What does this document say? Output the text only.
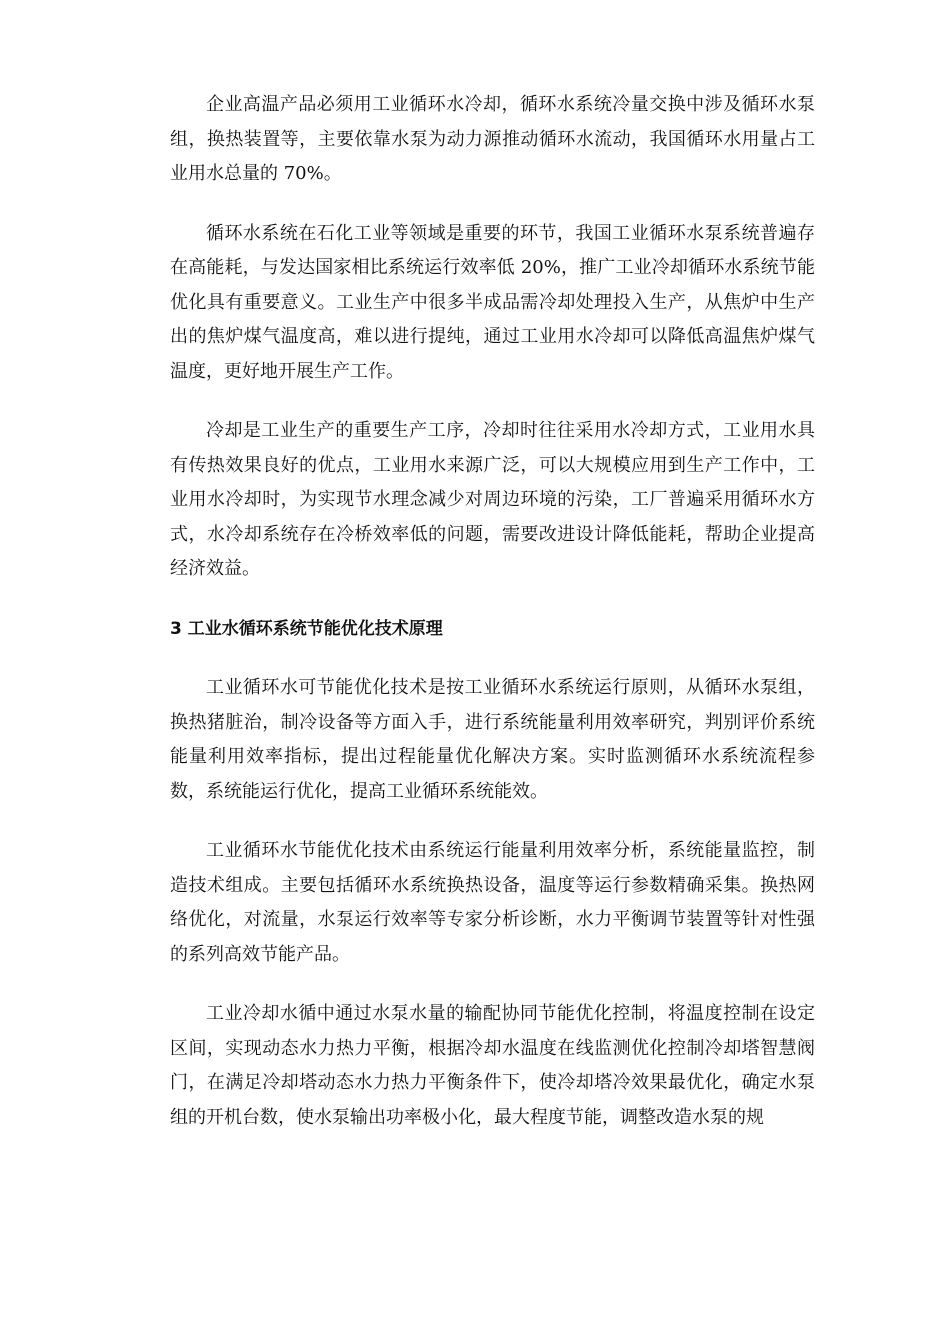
企业高温产品必须用工业循环水冷却，循环水系统冷量交换中涉及循环水泵组，换热装置等，主要依靠水泵为动力源推动循环水流动，我国循环水用量占工业用水总量的 70%。

循环水系统在石化工业等领域是重要的环节，我国工业循环水泵系统普遍存在高能耗，与发达国家相比系统运行效率低 20%，推广工业冷却循环水系统节能优化具有重要意义。工业生产中很多半成品需冷却处理投入生产，从焦炉中生产出的焦炉煤气温度高，难以进行提纯，通过工业用水冷却可以降低高温焦炉煤气温度，更好地开展生产工作。

冷却是工业生产的重要生产工序，冷却时往往采用水冷却方式，工业用水具有传热效果良好的优点，工业用水来源广泛，可以大规模应用到生产工作中，工业用水冷却时，为实现节水理念减少对周边环境的污染，工厂普遍采用循环水方式，水冷却系统存在冷桥效率低的问题，需要改进设计降低能耗，帮助企业提高经济效益。

3 工业水循环系统节能优化技术原理

工业循环水可节能优化技术是按工业循环水系统运行原则，从循环水泵组，换热猪脏治，制冷设备等方面入手，进行系统能量利用效率研究，判别评价系统能量利用效率指标，提出过程能量优化解决方案。实时监测循环水系统流程参数，系统能运行优化，提高工业循环系统能效。

工业循环水节能优化技术由系统运行能量利用效率分析，系统能量监控，制造技术组成。主要包括循环水系统换热设备，温度等运行参数精确采集。换热网络优化，对流量，水泵运行效率等专家分析诊断，水力平衡调节装置等针对性强的系列高效节能产品。

工业冷却水循中通过水泵水量的输配协同节能优化控制，将温度控制在设定区间，实现动态水力热力平衡，根据冷却水温度在线监测优化控制冷却塔智慧阀门，在满足冷却塔动态水力热力平衡条件下，使冷却塔冷效果最优化，确定水泵组的开机台数，使水泵输出功率极小化，最大程度节能，调整改造水泵的规
